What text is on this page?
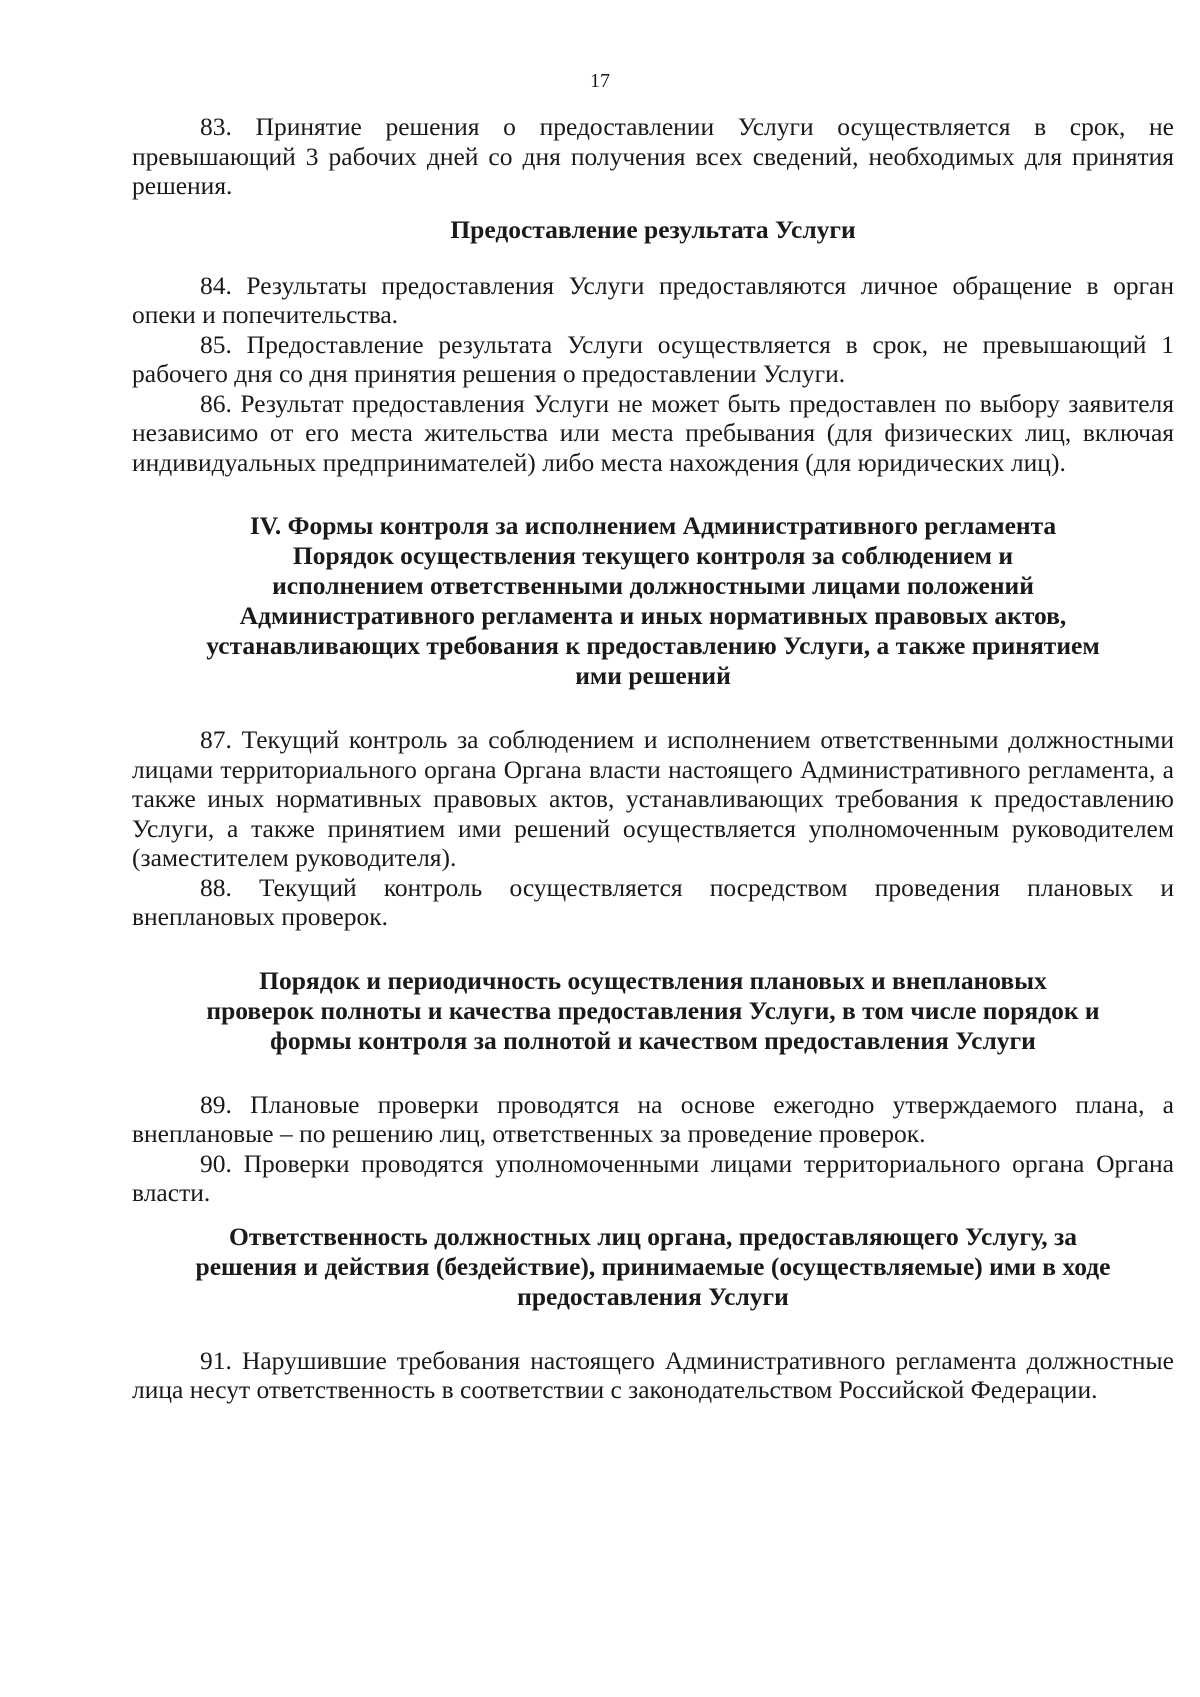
17

83. Принятие решения о предоставлении Услуги осуществляется в срок, не превышающий 3 рабочих дней со дня получения всех сведений, необходимых для принятия решения.

Предоставление результата Услуги

84. Результаты предоставления Услуги предоставляются личное обращение в орган опеки и попечительства.

85. Предоставление результата Услуги осуществляется в срок, не превышающий 1 рабочего дня со дня принятия решения о предоставлении Услуги.

86. Результат предоставления Услуги не может быть предоставлен по выбору заявителя независимо от его места жительства или места пребывания (для физических лиц, включая индивидуальных предпринимателей) либо места нахождения (для юридических лиц).

IV. Формы контроля за исполнением Административного регламента
Порядок осуществления текущего контроля за соблюдением и
исполнением ответственными должностными лицами положений
Административного регламента и иных нормативных правовых актов,
устанавливающих требования к предоставлению Услуги, а также принятием
ими решений

87. Текущий контроль за соблюдением и исполнением ответственными должностными лицами территориального органа Органа власти настоящего Административного регламента, а также иных нормативных правовых актов, устанавливающих требования к предоставлению Услуги, а также принятием ими решений осуществляется уполномоченным руководителем (заместителем руководителя).

88. Текущий контроль осуществляется посредством проведения плановых и внеплановых проверок.

Порядок и периодичность осуществления плановых и внеплановых
проверок полноты и качества предоставления Услуги, в том числе порядок и
формы контроля за полнотой и качеством предоставления Услуги

89. Плановые проверки проводятся на основе ежегодно утверждаемого плана, а внеплановые – по решению лиц, ответственных за проведение проверок.

90. Проверки проводятся уполномоченными лицами территориального органа Органа власти.

Ответственность должностных лиц органа, предоставляющего Услугу, за
решения и действия (бездействие), принимаемые (осуществляемые) ими в ходе
предоставления Услуги

91. Нарушившие требования настоящего Административного регламента должностные лица несут ответственность в соответствии с законодательством Российской Федерации.
